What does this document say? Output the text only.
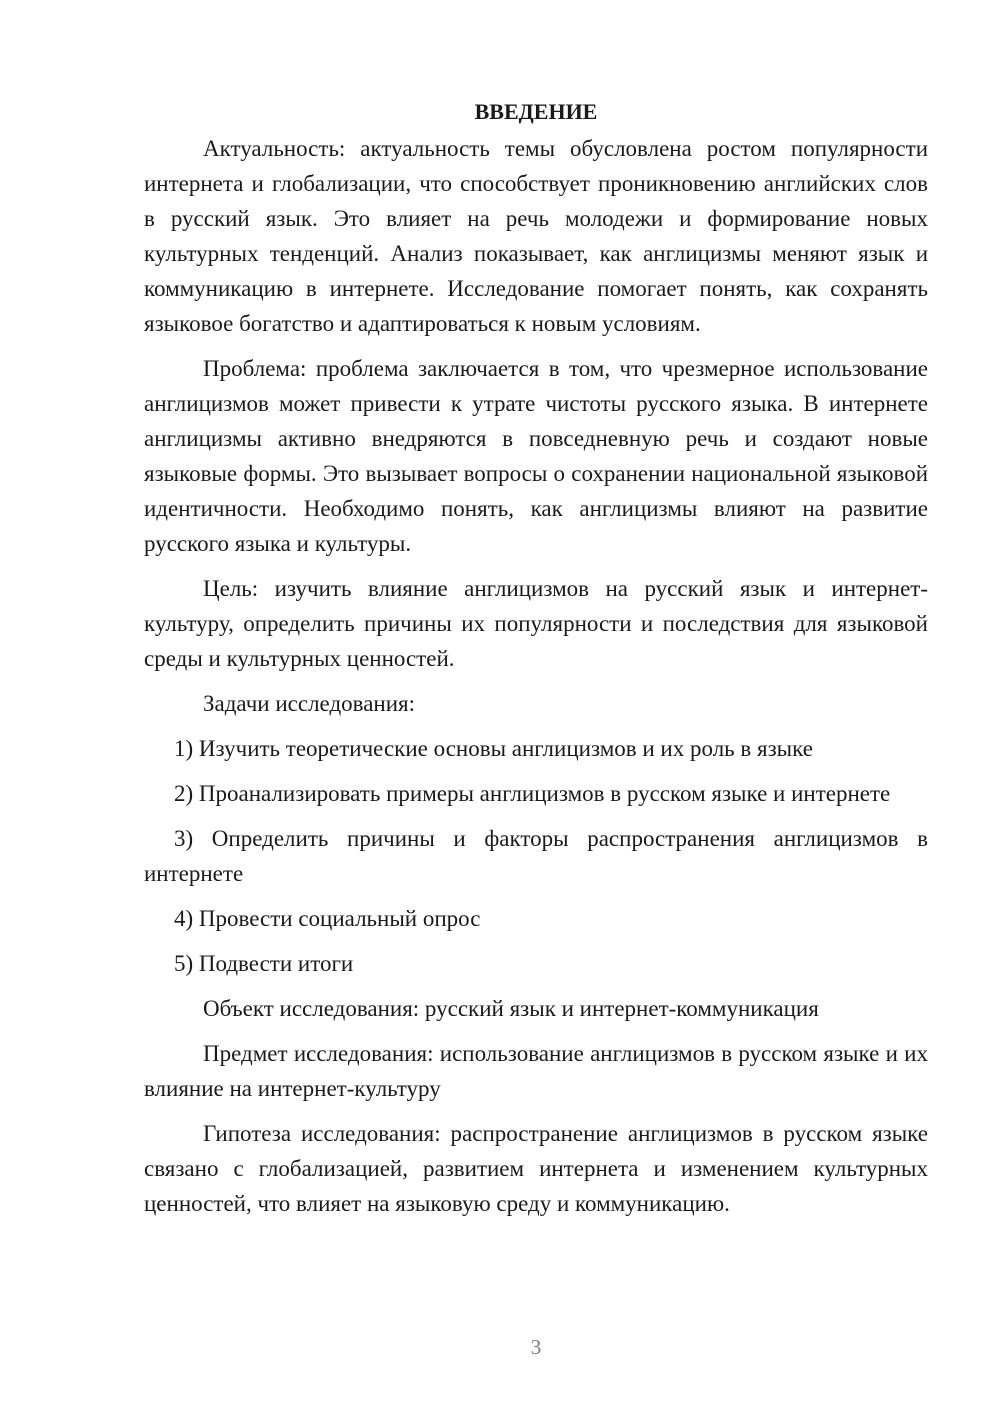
ВВЕДЕНИЕ

Актуальность: актуальность темы обусловлена ростом популярности интернета и глобализации, что способствует проникновению английских слов в русский язык. Это влияет на речь молодежи и формирование новых культурных тенденций. Анализ показывает, как англицизмы меняют язык и коммуникацию в интернете. Исследование помогает понять, как сохранять языковое богатство и адаптироваться к новым условиям.

Проблема: проблема заключается в том, что чрезмерное использование англицизмов может привести к утрате чистоты русского языка. В интернете англицизмы активно внедряются в повседневную речь и создают новые языковые формы. Это вызывает вопросы о сохранении национальной языковой идентичности. Необходимо понять, как англицизмы влияют на развитие русского языка и культуры.

Цель: изучить влияние англицизмов на русский язык и интернет-культуру, определить причины их популярности и последствия для языковой среды и культурных ценностей.

Задачи исследования:

1) Изучить теоретические основы англицизмов и их роль в языке

2) Проанализировать примеры англицизмов в русском языке и интернете

3) Определить причины и факторы распространения англицизмов в интернете

4) Провести социальный опрос

5) Подвести итоги

Объект исследования: русский язык и интернет-коммуникация

Предмет исследования: использование англицизмов в русском языке и их влияние на интернет-культуру

Гипотеза исследования: распространение англицизмов в русском языке связано с глобализацией, развитием интернета и изменением культурных ценностей, что влияет на языковую среду и коммуникацию.

3
